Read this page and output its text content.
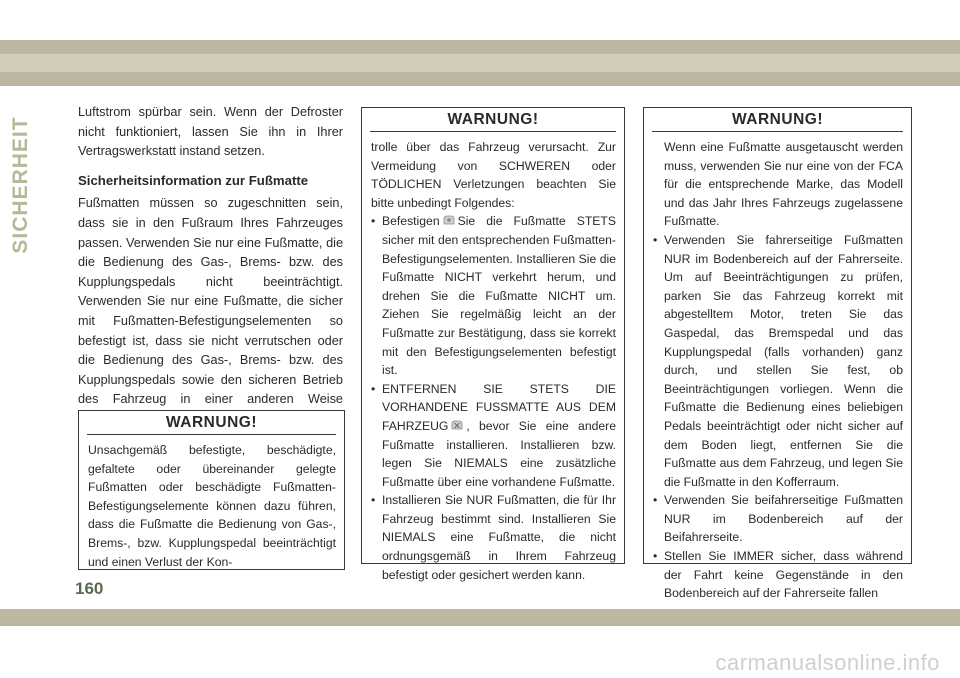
SICHERHEIT

Luftstrom spürbar sein. Wenn der Defroster nicht funktioniert, lassen Sie ihn in Ihrer Vertragswerkstatt instand setzen.

Sicherheitsinformation zur Fußmatte

Fußmatten müssen so zugeschnitten sein, dass sie in den Fußraum Ihres Fahrzeuges passen. Verwenden Sie nur eine Fußmatte, die die Bedienung des Gas-, Brems- bzw. des Kupplungspedals nicht beeinträchtigt. Verwenden Sie nur eine Fußmatte, die sicher mit Fußmatten-Befestigungselementen so befestigt ist, dass sie nicht verrutschen oder die Bedienung des Gas-, Brems- bzw. des Kupplungspedals sowie den sicheren Betrieb des Fahrzeug in einer anderen Weise

WARNUNG!

Unsachgemäß befestigte, beschädigte, gefaltete oder übereinander gelegte Fußmatten oder beschädigte Fußmatten-Befestigungselemente können dazu führen, dass die Fußmatte die Bedienung von Gas-, Brems-, bzw. Kupplungspedal beeinträchtigt und einen Verlust der Kon-

WARNUNG!

trolle über das Fahrzeug verursacht. Zur Vermeidung von SCHWEREN oder TÖDLICHEN Verletzungen beachten Sie bitte unbedingt Folgendes:

• Befestigen Sie die Fußmatte STETS sicher mit den entsprechenden Fußmatten-Befestigungselementen. Installieren Sie die Fußmatte NICHT verkehrt herum, und drehen Sie die Fußmatte NICHT um. Ziehen Sie regelmäßig leicht an der Fußmatte zur Bestätigung, dass sie korrekt mit den Befestigungselementen befestigt ist.
• ENTFERNEN SIE STETS DIE VORHANDENE FUSSMATTE AUS DEM FAHRZEUG , bevor Sie eine andere Fußmatte installieren. Installieren bzw. legen Sie NIEMALS eine zusätzliche Fußmatte über eine vorhandene Fußmatte.
• Installieren Sie NUR Fußmatten, die für Ihr Fahrzeug bestimmt sind. Installieren Sie NIEMALS eine Fußmatte, die nicht ordnungsgemäß in Ihrem Fahrzeug befestigt oder gesichert werden kann.
WARNUNG!

Wenn eine Fußmatte ausgetauscht werden muss, verwenden Sie nur eine von der FCA für die entsprechende Marke, das Modell und das Jahr Ihres Fahrzeugs zugelassene Fußmatte.

• Verwenden Sie fahrerseitige Fußmatten NUR im Bodenbereich auf der Fahrerseite. Um auf Beeinträchtigungen zu prüfen, parken Sie das Fahrzeug korrekt mit abgestelltem Motor, treten Sie das Gaspedal, das Bremspedal und das Kupplungspedal (falls vorhanden) ganz durch, und stellen Sie fest, ob Beeinträchtigungen vorliegen. Wenn die Fußmatte die Bedienung eines beliebigen Pedals beeinträchtigt oder nicht sicher auf dem Boden liegt, entfernen Sie die Fußmatte aus dem Fahrzeug, und legen Sie die Fußmatte in den Kofferraum.
• Verwenden Sie beifahrerseitige Fußmatten NUR im Bodenbereich auf der Beifahrerseite.
• Stellen Sie IMMER sicher, dass während der Fahrt keine Gegenstände in den Bodenbereich auf der Fahrerseite fallen
160
carmanualsonline.info
